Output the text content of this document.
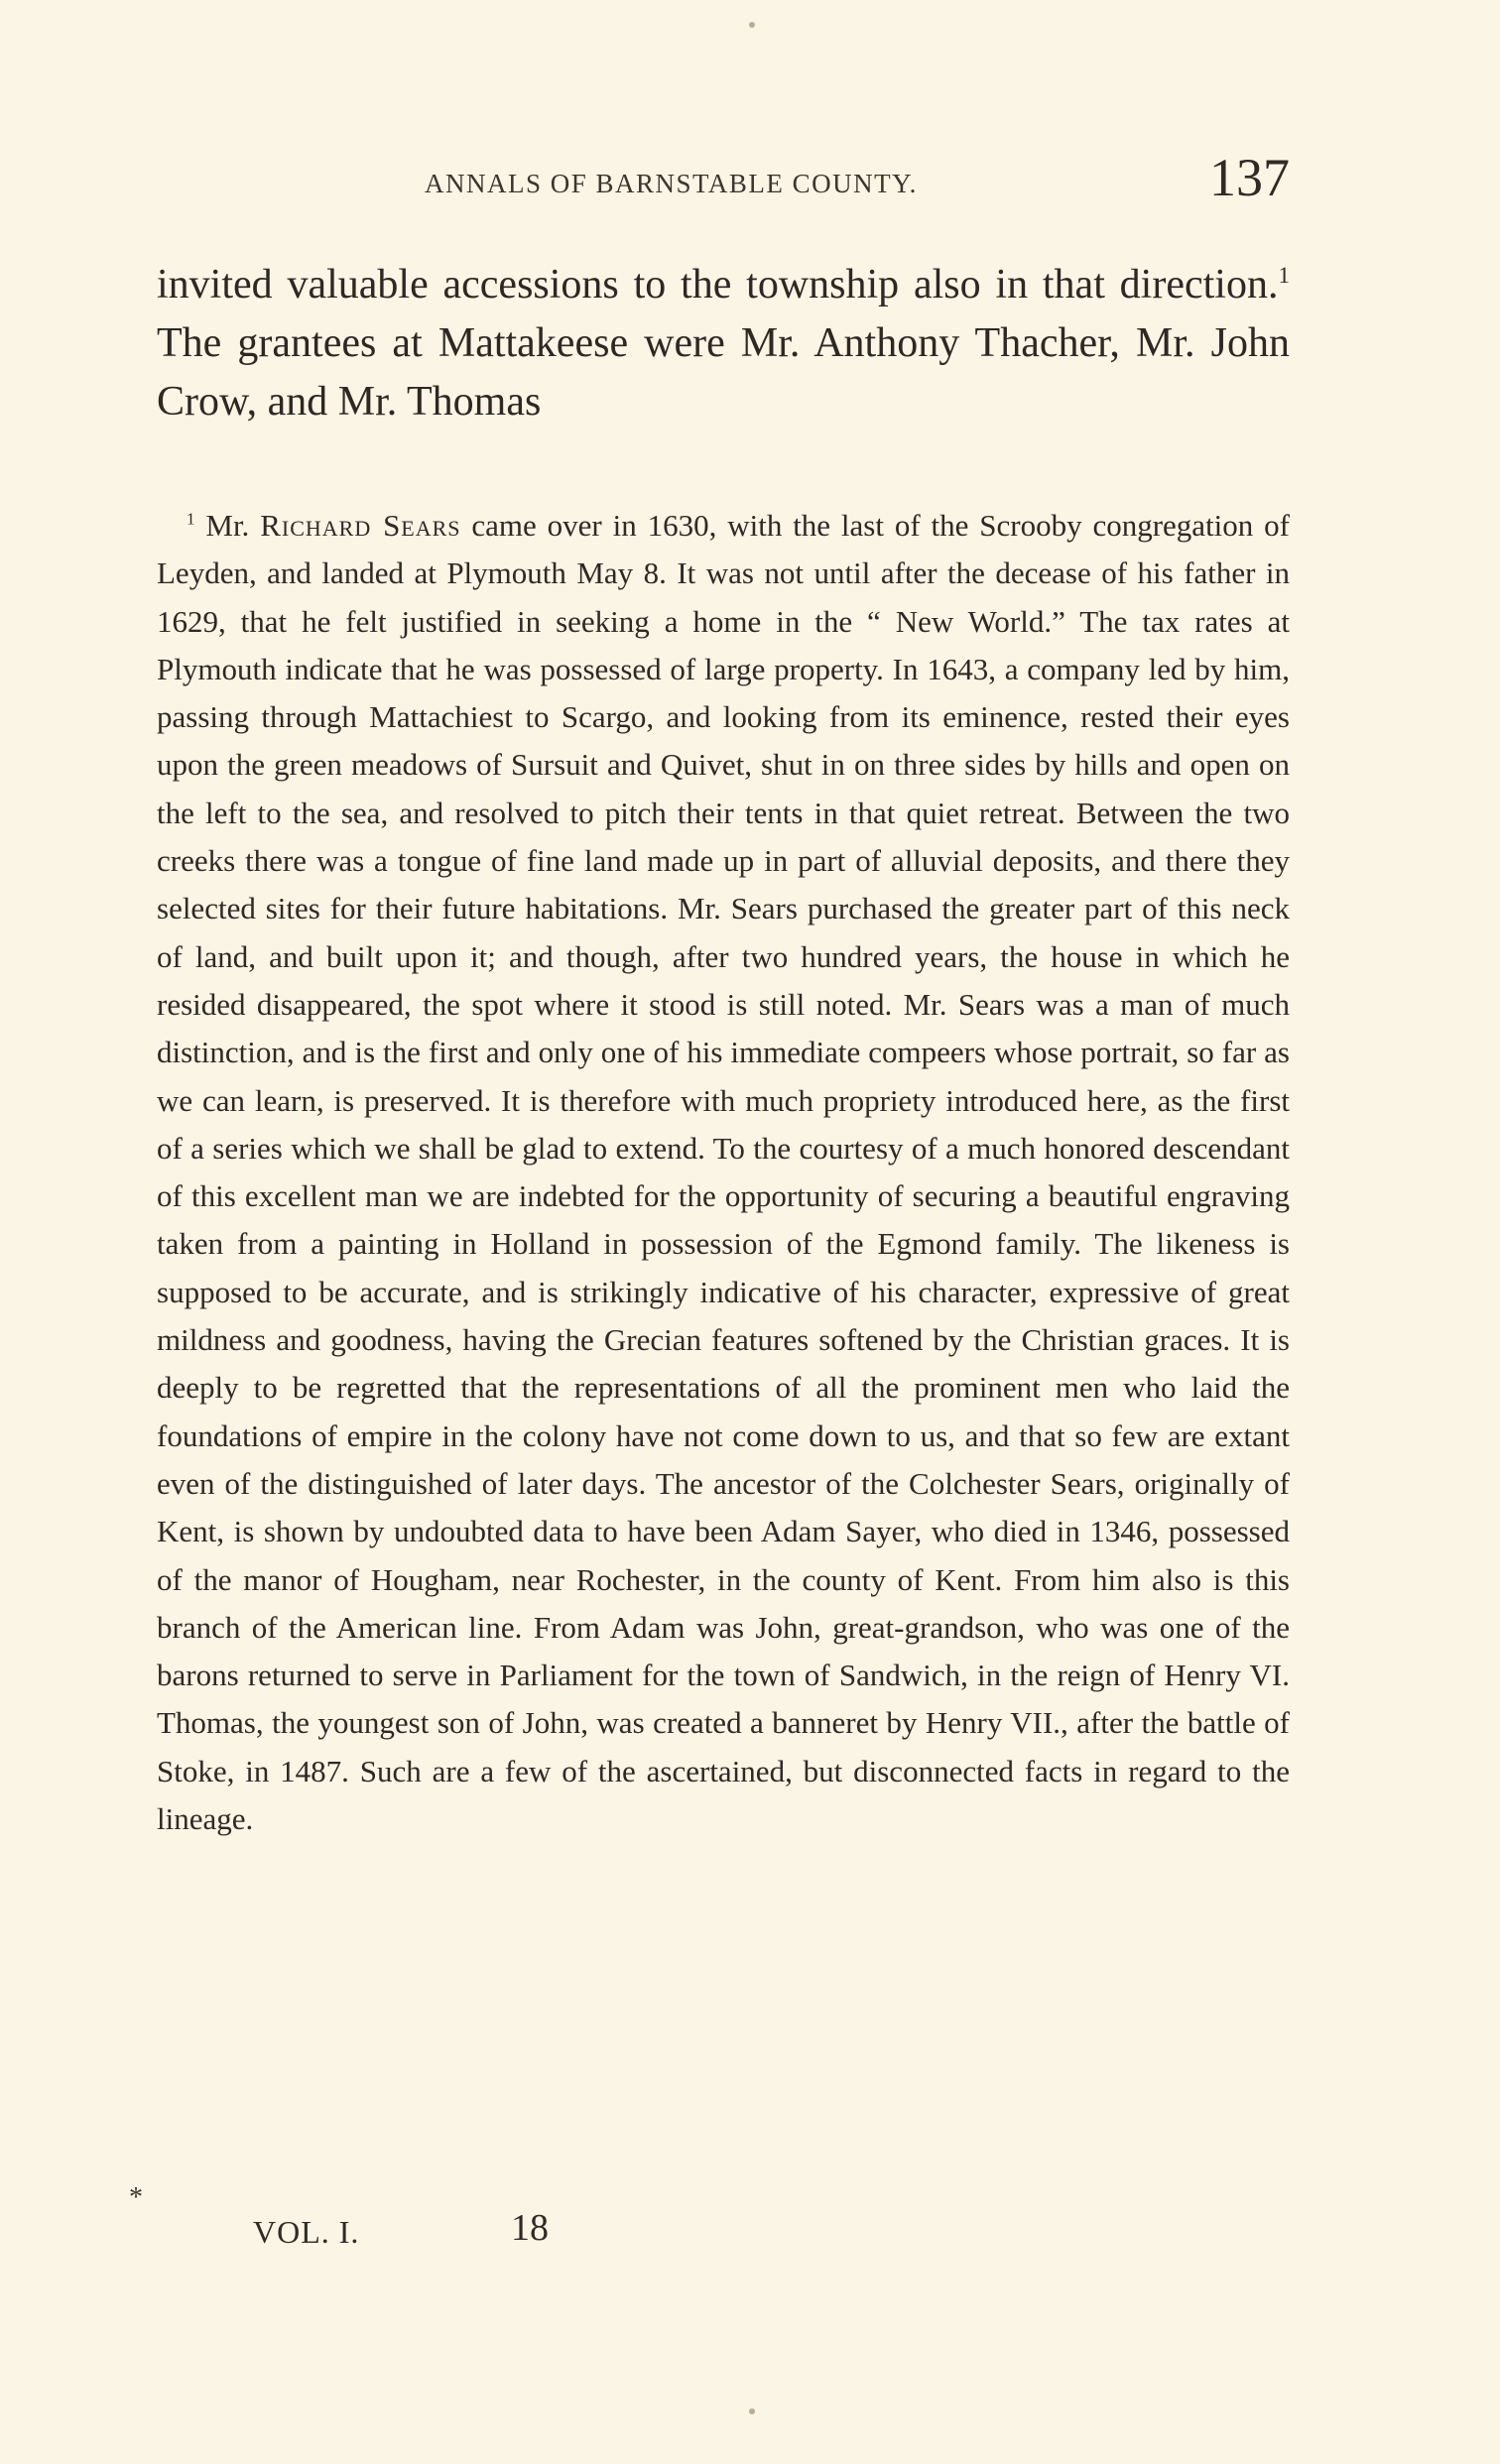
ANNALS OF BARNSTABLE COUNTY.	137
invited valuable accessions to the township also in that direction.$^1$ The grantees at Mattakeese were Mr. Anthony Thacher, Mr. John Crow, and Mr. Thomas
$^1$ Mr. Richard Sears came over in 1630, with the last of the Scrooby congregation of Leyden, and landed at Plymouth May 8. It was not until after the decease of his father in 1629, that he felt justified in seeking a home in the “ New World.” The tax rates at Plymouth indicate that he was possessed of large property. In 1643, a company led by him, passing through Mattachiest to Scargo, and looking from its eminence, rested their eyes upon the green meadows of Sursuit and Quivet, shut in on three sides by hills and open on the left to the sea, and resolved to pitch their tents in that quiet retreat. Between the two creeks there was a tongue of fine land made up in part of alluvial deposits, and there they selected sites for their future habitations. Mr. Sears purchased the greater part of this neck of land, and built upon it; and though, after two hundred years, the house in which he resided disappeared, the spot where it stood is still noted. Mr. Sears was a man of much distinction, and is the first and only one of his immediate compeers whose portrait, so far as we can learn, is preserved. It is therefore with much propriety introduced here, as the first of a series which we shall be glad to extend. To the courtesy of a much honored descendant of this excellent man we are indebted for the opportunity of securing a beautiful engraving taken from a painting in Holland in possession of the Egmond family. The likeness is supposed to be accurate, and is strikingly indicative of his character, expressive of great mildness and goodness, having the Grecian features softened by the Christian graces. It is deeply to be regretted that the representations of all the prominent men who laid the foundations of empire in the colony have not come down to us, and that so few are extant even of the distinguished of later days. The ancestor of the Colchester Sears, originally of Kent, is shown by undoubted data to have been Adam Sayer, who died in 1346, possessed of the manor of Hougham, near Rochester, in the county of Kent. From him also is this branch of the American line. From Adam was John, great-grandson, who was one of the barons returned to serve in Parliament for the town of Sandwich, in the reign of Henry VI. Thomas, the youngest son of John, was created a banneret by Henry VII., after the battle of Stoke, in 1487. Such are a few of the ascertained, but disconnected facts in regard to the lineage.
*
VOL. I.	18
